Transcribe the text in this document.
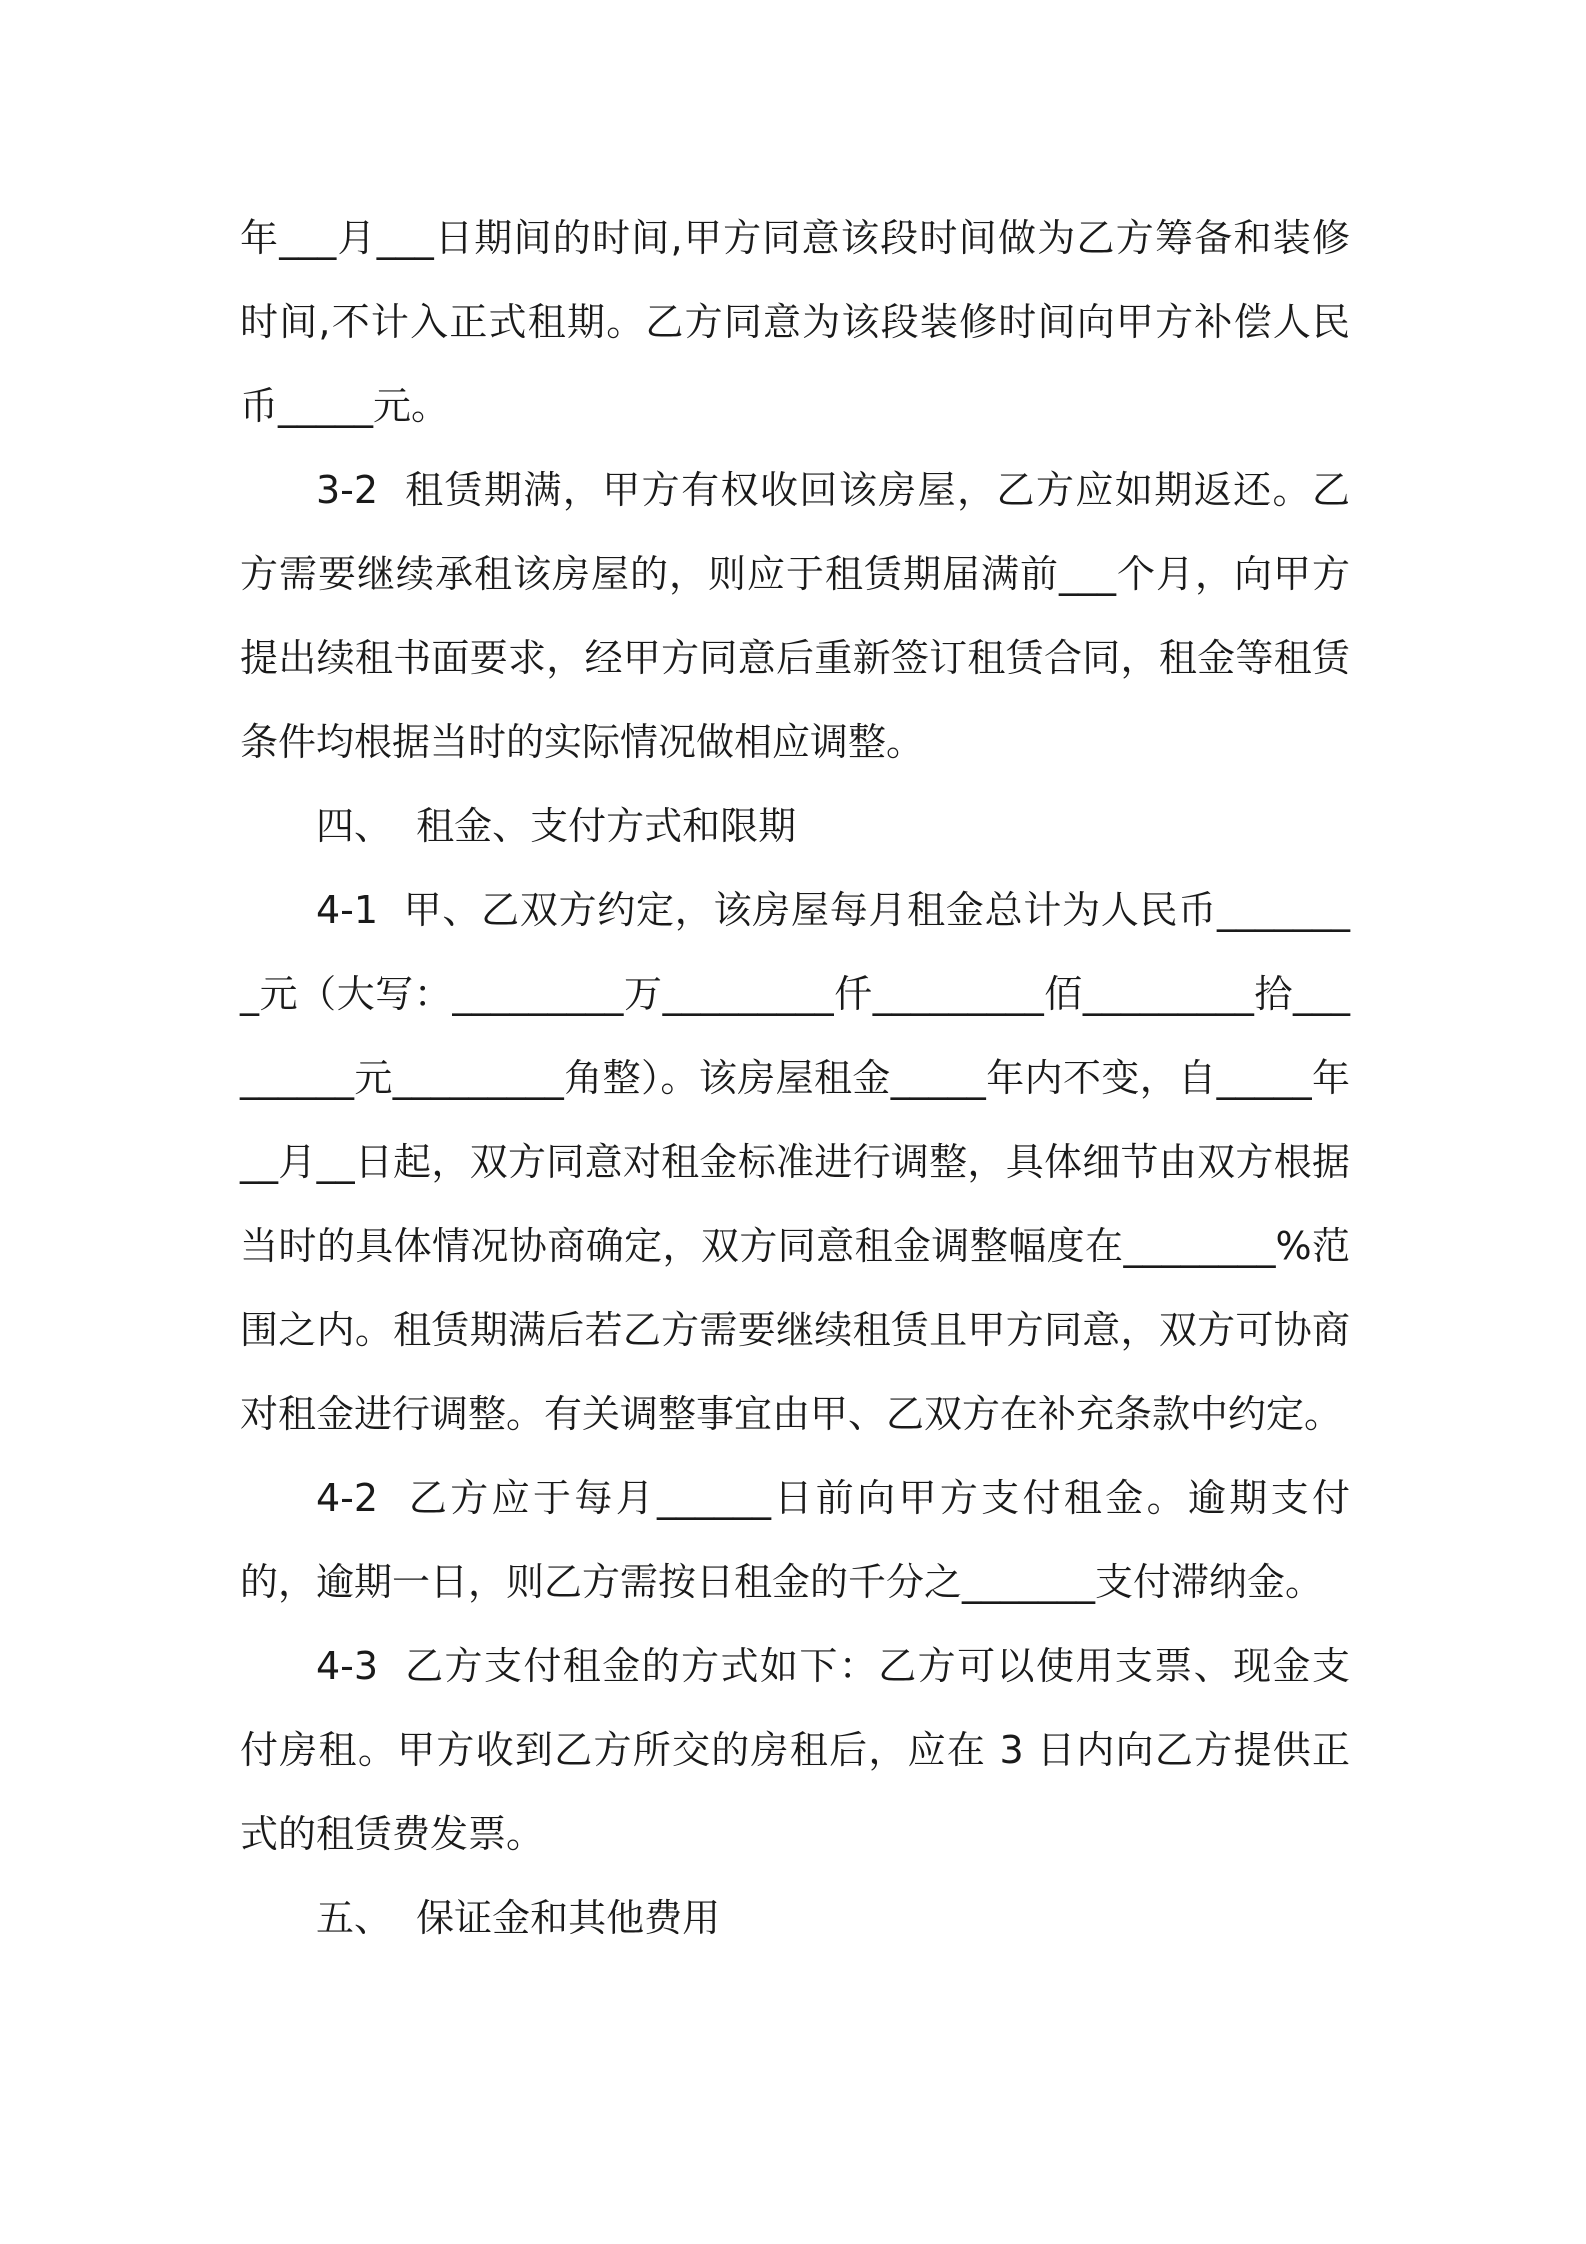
年___月___日期间的时间,甲方同意该段时间做为乙方筹备和装修时间,不计入正式租期。乙方同意为该段装修时间向甲方补偿人民币_____元。

3-2  租赁期满，甲方有权收回该房屋，乙方应如期返还。乙方需要继续承租该房屋的，则应于租赁期届满前___个月，向甲方提出续租书面要求，经甲方同意后重新签订租赁合同，租金等租赁条件均根据当时的实际情况做相应调整。

四、  租金、支付方式和限期

4-1  甲、乙双方约定，该房屋每月租金总计为人民币________元（大写：_________万_________仟_________佰_________拾_________元_________角整）。该房屋租金_____年内不变，自_____年__月__日起，双方同意对租金标准进行调整，具体细节由双方根据当时的具体情况协商确定，双方同意租金调整幅度在________%范围之内。租赁期满后若乙方需要继续租赁且甲方同意，双方可协商对租金进行调整。有关调整事宜由甲、乙双方在补充条款中约定。

4-2  乙方应于每月______日前向甲方支付租金。逾期支付的，逾期一日，则乙方需按日租金的千分之_______支付滞纳金。

4-3  乙方支付租金的方式如下：乙方可以使用支票、现金支付房租。甲方收到乙方所交的房租后，应在 3 日内向乙方提供正式的租赁费发票。

五、  保证金和其他费用
